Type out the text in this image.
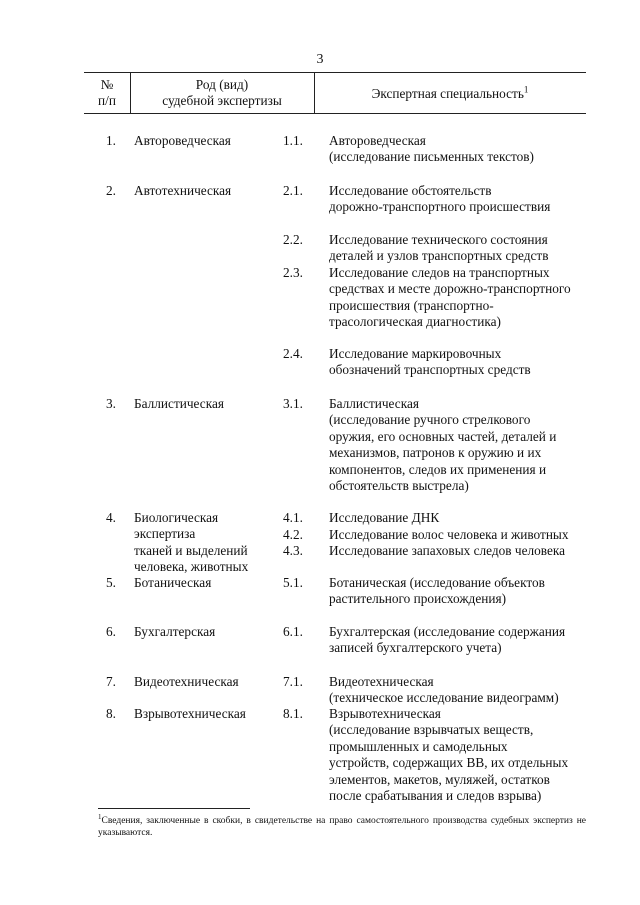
3
№
п/п
Род (вид)
судебной экспертизы	Экспертная специальность$^1$
1. Автороведческая
2. Автотехническая
3. Баллистическая
4. Биологическая
экспертиза
тканей и выделений
человека, животных
5. Ботаническая
6. Бухгалтерская
7. Видеотехническая
8. Взрывотехническая
1.1. Автороведческая
(исследование письменных текстов)
2.1. Исследование обстоятельств
дорожно-транспортного происшествия
2.2. Исследование технического состояния
деталей и узлов транспортных средств
2.3. Исследование следов на транспортных
средствах и месте дорожно-транспортного
происшествия (транспортно-
трасологическая диагностика)
2.4. Исследование маркировочных
обозначений транспортных средств
3.1. Баллистическая
(исследование ручного стрелкового
оружия, его основных частей, деталей и
механизмов, патронов к оружию и их
компонентов, следов их применения и
обстоятельств выстрела)
4.1. Исследование ДНК
4.2. Исследование волос человека и животных
4.3. Исследование запаховых следов человека
5.1. Ботаническая (исследование объектов
растительного происхождения)
6.1. Бухгалтерская (исследование содержания
записей бухгалтерского учета)
7.1. Видеотехническая
(техническое исследование видеограмм)
8.1. Взрывотехническая
(исследование взрывчатых веществ,
промышленных и самодельных
устройств, содержащих ВВ, их отдельных
элементов, макетов, муляжей, остатков
после срабатывания и следов взрыва)
$^1$Сведения, заключенные в скобки, в свидетельстве на право самостоятельного производства судебных экспертиз не указываются.
